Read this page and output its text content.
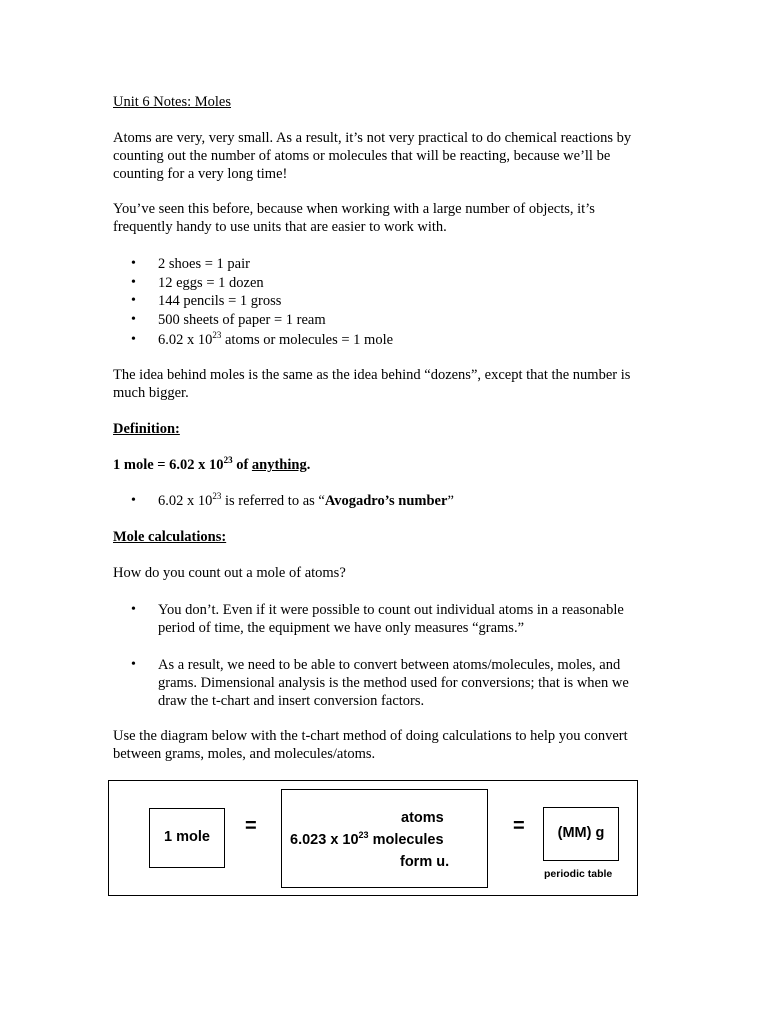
Unit 6 Notes: Moles
Atoms are very, very small. As a result, it’s not very practical to do chemical reactions by
counting out the number of atoms or molecules that will be reacting, because we’ll be
counting for a very long time!
You’ve seen this before, because when working with a large number of objects, it’s
frequently handy to use units that are easier to work with.
• 2 shoes = 1 pair
• 12 eggs = 1 dozen
• 144 pencils = 1 gross
• 500 sheets of paper = 1 ream
• 6.02 x $10^{23}$ atoms or molecules = 1 mole
The idea behind moles is the same as the idea behind “dozens”, except that the number is
much bigger.
Definition:
1 mole = 6.02 x $10^{23}$ of anything.
• 6.02 x $10^{23}$ is referred to as “Avogadro’s number”
Mole calculations:
How do you count out a mole of atoms?
• You don’t. Even if it were possible to count out individual atoms in a reasonable
period of time, the equipment we have only measures “grams.”
• As a result, we need to be able to convert between atoms/molecules, moles, and
grams. Dimensional analysis is the method used for conversions; that is when we
draw the t-chart and insert conversion factors.
Use the diagram below with the t-chart method of doing calculations to help you convert
between grams, moles, and molecules/atoms.
1 mole	=	atoms
6.023 x $10^{23}$ molecules
form u.
=	(MM) g
periodic table
